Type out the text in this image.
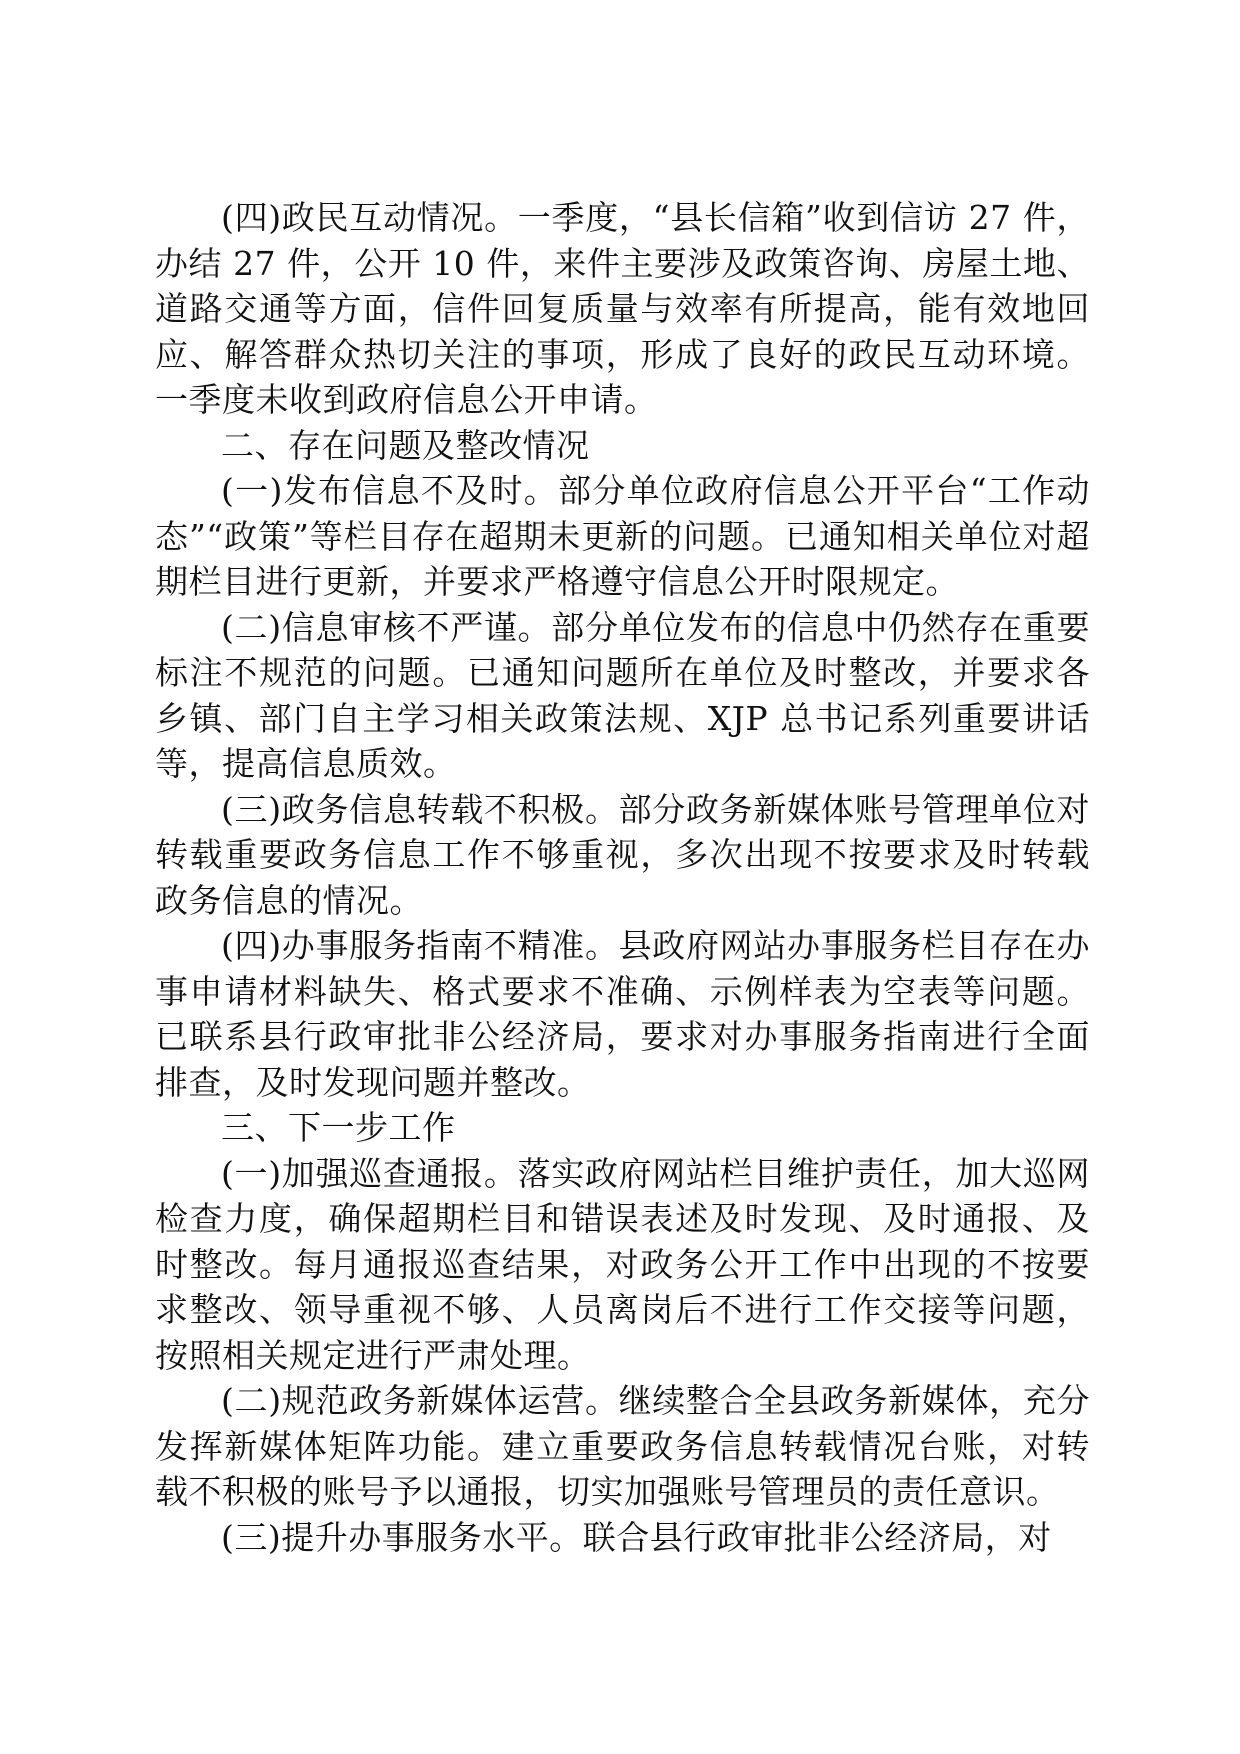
(四)政民互动情况。一季度，“县长信箱”收到信访 27 件，办结 27 件，公开 10 件，来件主要涉及政策咨询、房屋土地、道路交通等方面，信件回复质量与效率有所提高，能有效地回应、解答群众热切关注的事项，形成了良好的政民互动环境。一季度未收到政府信息公开申请。

二、存在问题及整改情况

(一)发布信息不及时。部分单位政府信息公开平台“工作动态”“政策”等栏目存在超期未更新的问题。已通知相关单位对超期栏目进行更新，并要求严格遵守信息公开时限规定。

(二)信息审核不严谨。部分单位发布的信息中仍然存在重要标注不规范的问题。已通知问题所在单位及时整改，并要求各乡镇、部门自主学习相关政策法规、XJP 总书记系列重要讲话等，提高信息质效。

(三)政务信息转载不积极。部分政务新媒体账号管理单位对转载重要政务信息工作不够重视，多次出现不按要求及时转载政务信息的情况。

(四)办事服务指南不精准。县政府网站办事服务栏目存在办事申请材料缺失、格式要求不准确、示例样表为空表等问题。已联系县行政审批非公经济局，要求对办事服务指南进行全面排查，及时发现问题并整改。

三、下一步工作

(一)加强巡查通报。落实政府网站栏目维护责任，加大巡网检查力度，确保超期栏目和错误表述及时发现、及时通报、及时整改。每月通报巡查结果，对政务公开工作中出现的不按要求整改、领导重视不够、人员离岗后不进行工作交接等问题，按照相关规定进行严肃处理。

(二)规范政务新媒体运营。继续整合全县政务新媒体，充分发挥新媒体矩阵功能。建立重要政务信息转载情况台账，对转载不积极的账号予以通报，切实加强账号管理员的责任意识。

(三)提升办事服务水平。联合县行政审批非公经济局，对
